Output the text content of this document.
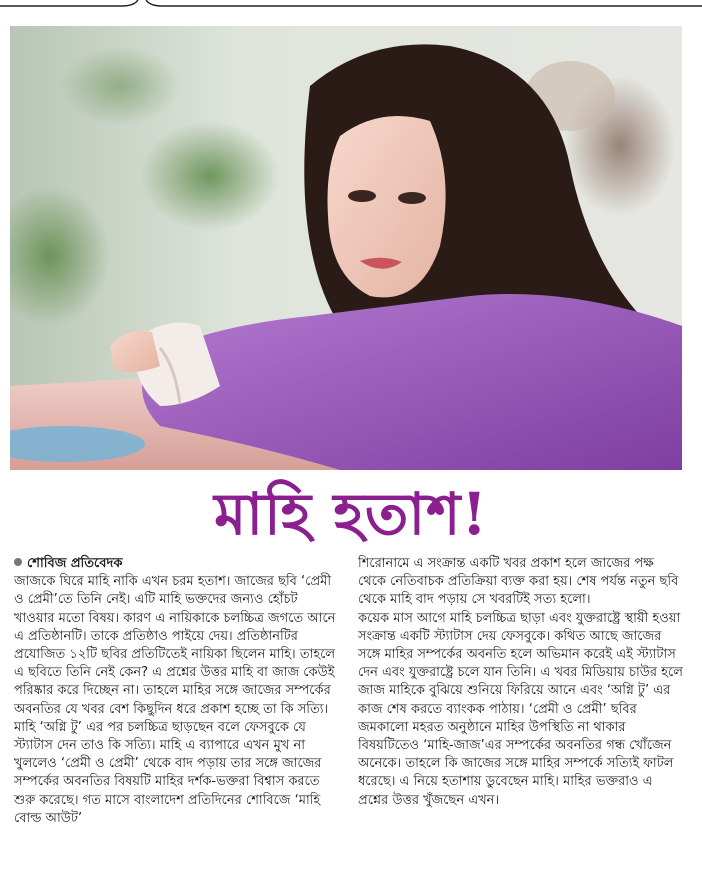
মাহি হতাশ!
শোবিজ প্রতিবেদক

জাজকে ঘিরে মাহি নাকি এখন চরম হতাশ। জাজের ছবি ‘প্রেমী ও প্রেমী’তে তিনি নেই। এটি মাহি ভক্তদের জন্যও হোঁচট খাওয়ার মতো বিষয়। কারণ এ নায়িকাকে চলচ্চিত্র জগতে আনে এ প্রতিষ্ঠানটি। তাকে প্রতিষ্ঠাও পাইয়ে দেয়। প্রতিষ্ঠানটির প্রযোজিত ১২টি ছবির প্রতিটিতেই নায়িকা ছিলেন মাহি। তাহলে এ ছবিতে তিনি নেই কেন? এ প্রশ্নের উত্তর মাহি বা জাজ কেউই পরিষ্কার করে দিচ্ছেন না। তাহলে মাহির সঙ্গে জাজের সম্পর্কের অবনতির যে খবর বেশ কিছুদিন ধরে প্রকাশ হচ্ছে তা কি সত্যি। মাহি ‘অগ্নি টু’ এর পর চলচ্চিত্র ছাড়ছেন বলে ফেসবুকে যে স্ট্যাটাস দেন তাও কি সত্যি। মাহি এ ব্যাপারে এখন মুখ না খুললেও ‘প্রেমী ও প্রেমী’ থেকে বাদ পড়ায় তার সঙ্গে জাজের সম্পর্কের অবনতির বিষয়টি মাহির দর্শক-ভক্তরা বিশ্বাস করতে শুরু করেছে। গত মাসে বাংলাদেশ প্রতিদিনের শোবিজে ‘মাহি বোল্ড আউট’

শিরোনামে এ সংক্রান্ত একটি খবর প্রকাশ হলে জাজের পক্ষ থেকে নেতিবাচক প্রতিক্রিয়া ব্যক্ত করা হয়। শেষ পর্যন্ত নতুন ছবি থেকে মাহি বাদ পড়ায় সে খবরটিই সত্য হলো।

কয়েক মাস আগে মাহি চলচ্চিত্র ছাড়া এবং যুক্তরাষ্ট্রে স্থায়ী হওয়া সংক্রান্ত একটি স্ট্যাটাস দেয় ফেসবুকে। কথিত আছে জাজের সঙ্গে মাহির সম্পর্কের অবনতি হলে অভিমান করেই এই স্ট্যাটাস দেন এবং যুক্তরাষ্ট্রে চলে যান তিনি। এ খবর মিডিয়ায় চাউর হলে জাজ মাহিকে বুঝিয়ে শুনিয়ে ফিরিয়ে আনে এবং ‘অগ্নি টু’ এর কাজ শেষ করতে ব্যাংকক পাঠায়। ‘প্রেমী ও প্রেমী’ ছবির জমকালো মহরত অনুষ্ঠানে মাহির উপস্থিতি না থাকার বিষয়টিতেও ‘মাহি-জাজ’এর সম্পর্কের অবনতির গন্ধ খোঁজেন অনেকে। তাহলে কি জাজের সঙ্গে মাহির সম্পর্কে সত্যিই ফাটল ধরেছে। এ নিয়ে হতাশায় ডুবেছেন মাহি। মাহির ভক্তরাও এ প্রশ্নের উত্তর খুঁজছেন এখন।
